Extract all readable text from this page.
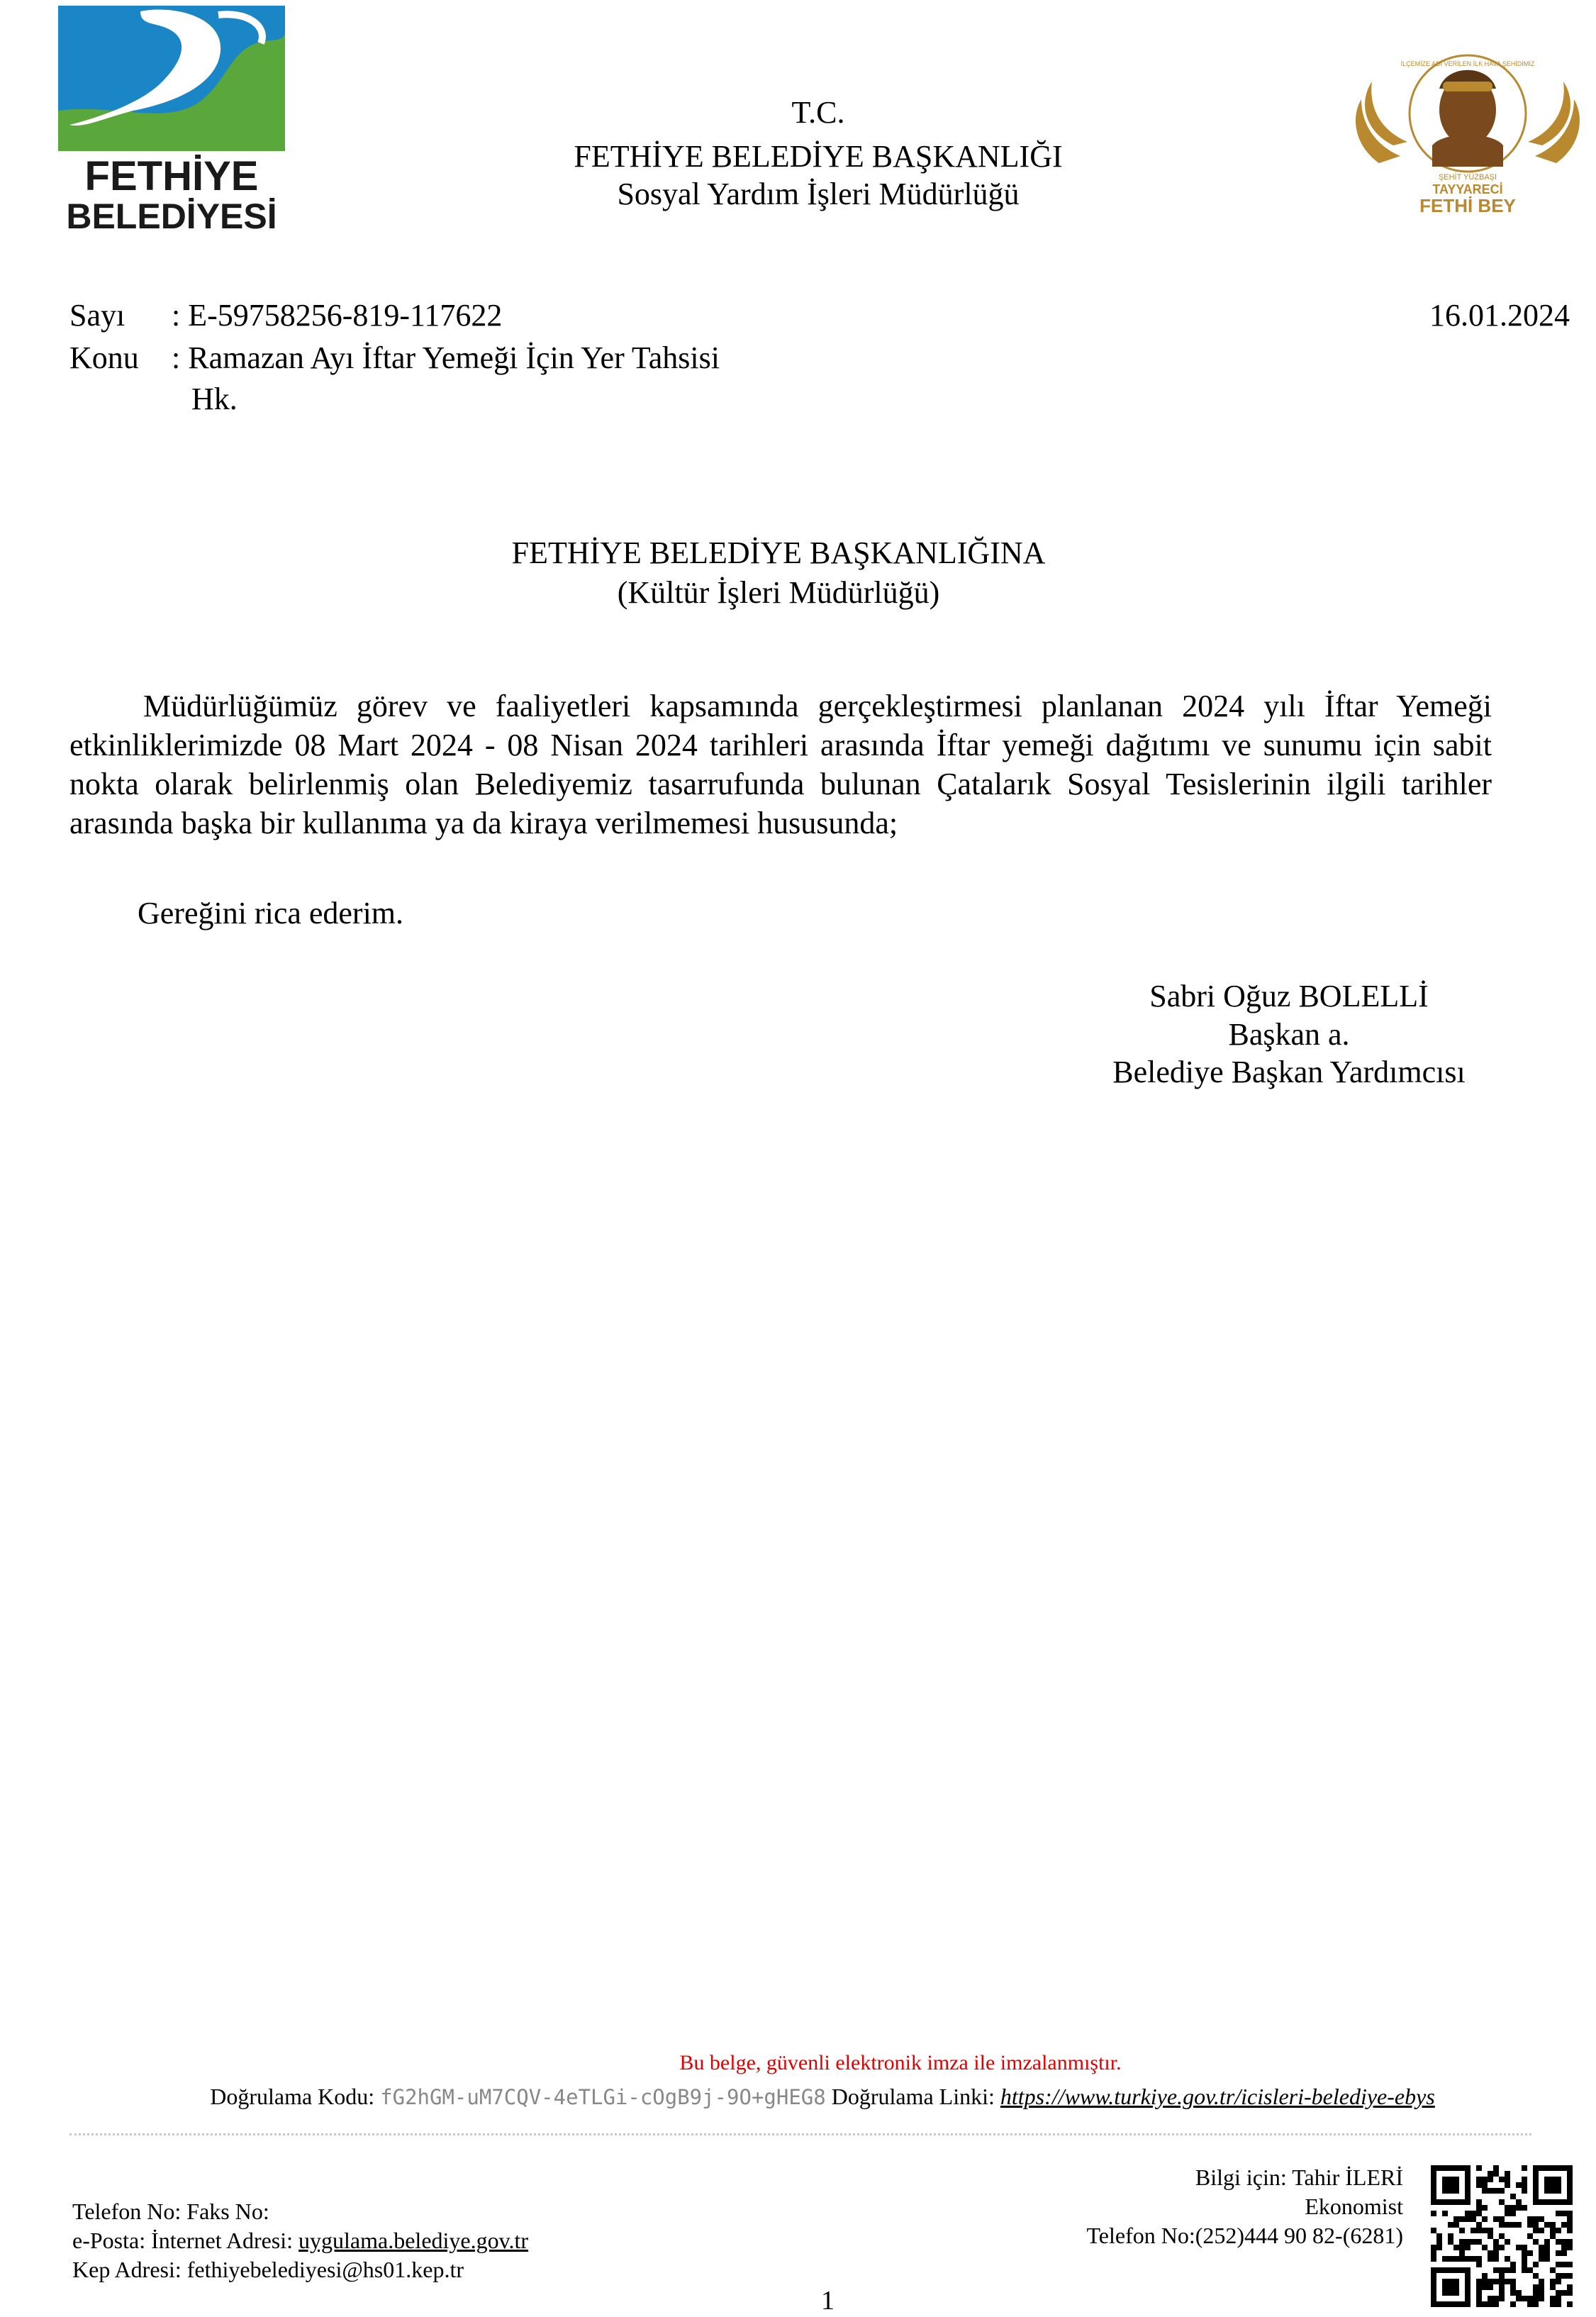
FETHİYE
BELEDİYESİ
İLÇEMİZE ADI VERİLEN İLK HAVA ŞEHİDİMİZ
ŞEHİT YÜZBAŞI
TAYYARECİ
FETHİ BEY
T.C.
FETHİYE BELEDİYE BAŞKANLIĞI
Sosyal Yardım İşleri Müdürlüğü
Sayı : E-59758256-819-117622	16.01.2024
Konu : Ramazan Ayı İftar Yemeği İçin Yer Tahsisi
Hk.
FETHİYE BELEDİYE BAŞKANLIĞINA
(Kültür İşleri Müdürlüğü)
Müdürlüğümüz görev ve faaliyetleri kapsamında gerçekleştirmesi planlanan 2024 yılı İftar Yemeği etkinliklerimizde 08 Mart 2024 - 08 Nisan 2024 tarihleri arasında İftar yemeği dağıtımı ve sunumu için sabit nokta olarak belirlenmiş olan Belediyemiz tasarrufunda bulunan Çatalarık Sosyal Tesislerinin ilgili tarihler arasında başka bir kullanıma ya da kiraya verilmemesi hususunda;
Gereğini rica ederim.
Sabri Oğuz BOLELLİ
Başkan a.
Belediye Başkan Yardımcısı
Bu belge, güvenli elektronik imza ile imzalanmıştır.
Doğrulama Kodu: fG2hGM-uM7CQV-4eTLGi-cOgB9j-9O+gHEG8 Doğrulama Linki: https://www.turkiye.gov.tr/icisleri-belediye-ebys
Bilgi için: Tahir İLERİ
Ekonomist
Telefon No:(252)444 90 82-(6281)
Telefon No: Faks No:
e-Posta: İnternet Adresi: uygulama.belediye.gov.tr
Kep Adresi: fethiyebelediyesi@hs01.kep.tr
1
